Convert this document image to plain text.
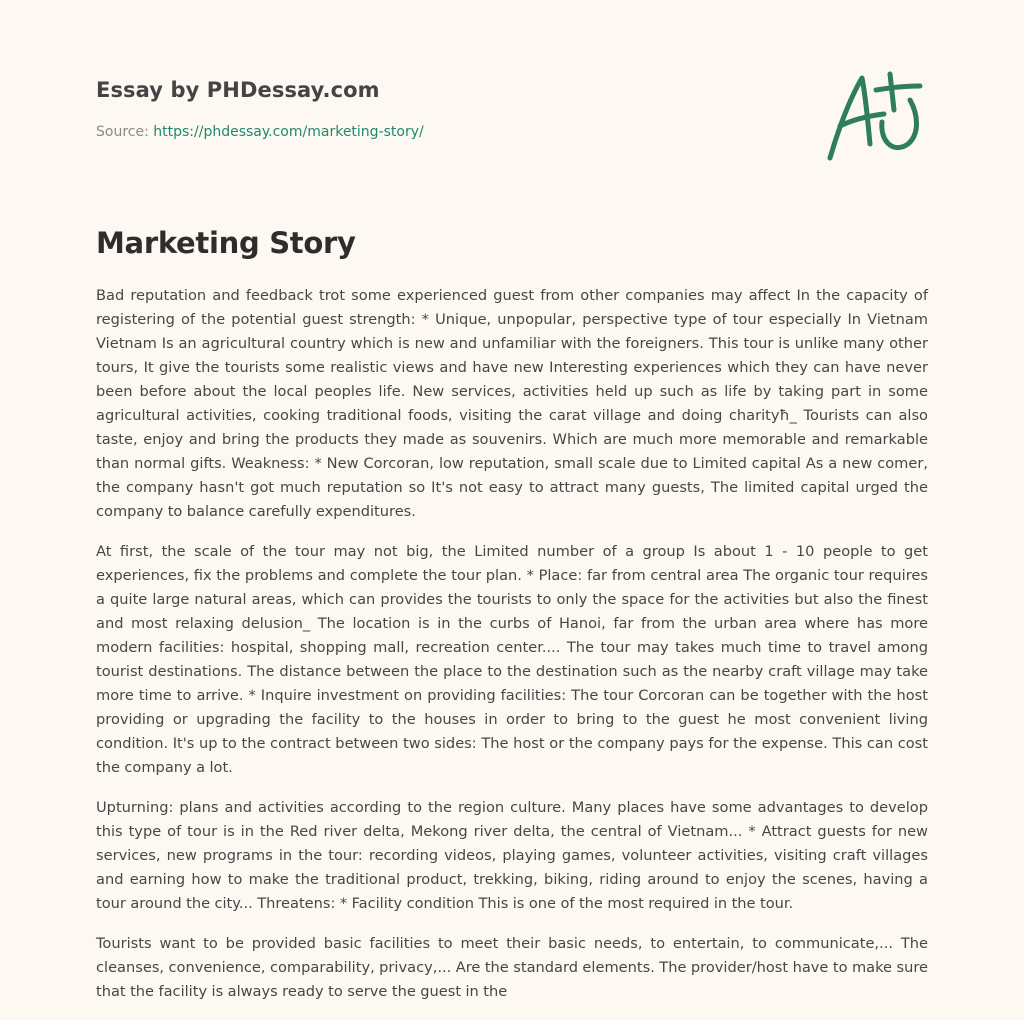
Essay by PHDessay.com
Source: https://phdessay.com/marketing-story/
Marketing Story

Bad reputation and feedback trot some experienced guest from other companies may affect In the capacity of registering of the potential guest strength: * Unique, unpopular, perspective type of tour especially In Vietnam Vietnam Is an agricultural country which is new and unfamiliar with the foreigners. This tour is unlike many other tours, It give the tourists some realistic views and have new Interesting experiences which they can have never been before about the local peoples life. New services, activities held up such as life by taking part in some agricultural activities, cooking traditional foods, visiting the carat village and doing charityħ_ Tourists can also taste, enjoy and bring the products they made as souvenirs. Which are much more memorable and remarkable than normal gifts. Weakness: * New Corcoran, low reputation, small scale due to Limited capital As a new comer, the company hasn't got much reputation so It's not easy to attract many guests, The limited capital urged the company to balance carefully expenditures.

At first, the scale of the tour may not big, the Limited number of a group Is about 1 - 10 people to get experiences, fix the problems and complete the tour plan. * Place: far from central area The organic tour requires a quite large natural areas, which can provides the tourists to only the space for the activities but also the finest and most relaxing delusion_ The location is in the curbs of Hanoi, far from the urban area where has more modern facilities: hospital, shopping mall, recreation center.... The tour may takes much time to travel among tourist destinations. The distance between the place to the destination such as the nearby craft village may take more time to arrive. * Inquire investment on providing facilities: The tour Corcoran can be together with the host providing or upgrading the facility to the houses in order to bring to the guest he most convenient living condition. It's up to the contract between two sides: The host or the company pays for the expense. This can cost the company a lot.

Upturning: plans and activities according to the region culture. Many places have some advantages to develop this type of tour is in the Red river delta, Mekong river delta, the central of Vietnam... * Attract guests for new services, new programs in the tour: recording videos, playing games, volunteer activities, visiting craft villages and earning how to make the traditional product, trekking, biking, riding around to enjoy the scenes, having a tour around the city... Threatens: * Facility condition This is one of the most required in the tour.

Tourists want to be provided basic facilities to meet their basic needs, to entertain, to communicate,... The cleanses, convenience, comparability, privacy,... Are the standard elements. The provider/host have to make sure that the facility is always ready to serve the guest in the
